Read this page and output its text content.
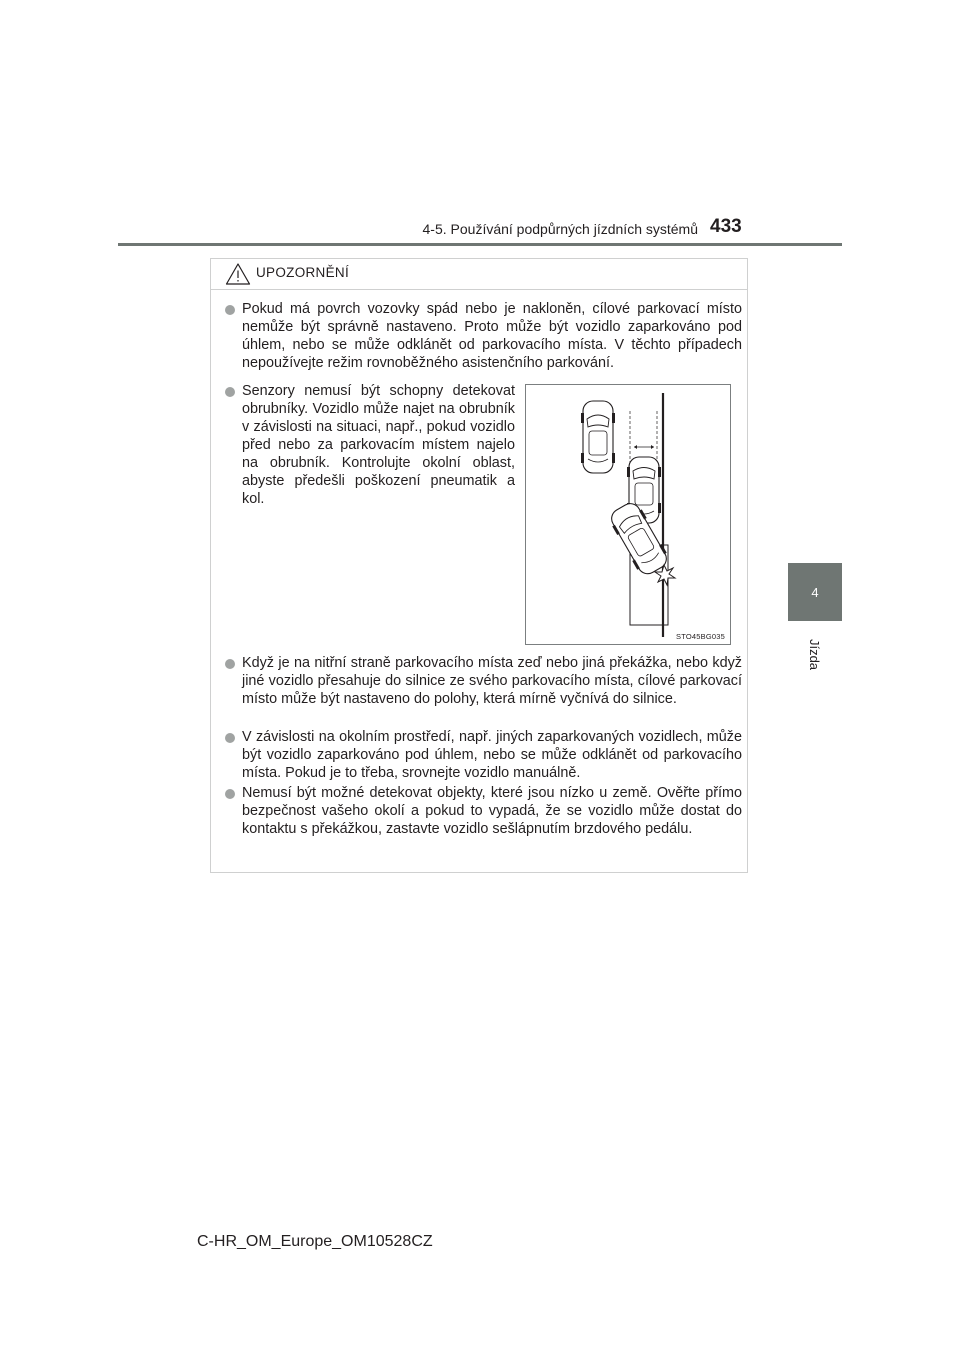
4-5. Používání podpůrných jízdních systémů 433
4
Jízda
UPOZORNĚNÍ
Pokud má povrch vozovky spád nebo je nakloněn, cílové parkovací místo nemůže být správně nastaveno. Proto může být vozidlo zaparkováno pod úhlem, nebo se může odklánět od parkovacího místa. V těchto případech nepoužívejte režim rovnoběžného asistenčního parkování.
Senzory nemusí být schopny detekovat obrubníky. Vozidlo může najet na obrubník v závislosti na situaci, např., pokud vozidlo před nebo za parkovacím místem najelo na obrubník. Kontrolujte okolní oblast, abyste předešli poškození pneumatik a kol.
STO45BG035
Když je na nitřní straně parkovacího místa zeď nebo jiná překážka, nebo když jiné vozidlo přesahuje do silnice ze svého parkovacího místa, cílové parkovací místo může být nastaveno do polohy, která mírně vyčnívá do silnice.
V závislosti na okolním prostředí, např. jiných zaparkovaných vozidlech, může být vozidlo zaparkováno pod úhlem, nebo se může odklánět od parkovacího místa. Pokud je to třeba, srovnejte vozidlo manuálně.
Nemusí být možné detekovat objekty, které jsou nízko u země. Ověřte přímo bezpečnost vašeho okolí a pokud to vypadá, že se vozidlo může dostat do kontaktu s překážkou, zastavte vozidlo sešlápnutím brzdového pedálu.
C-HR_OM_Europe_OM10528CZ
